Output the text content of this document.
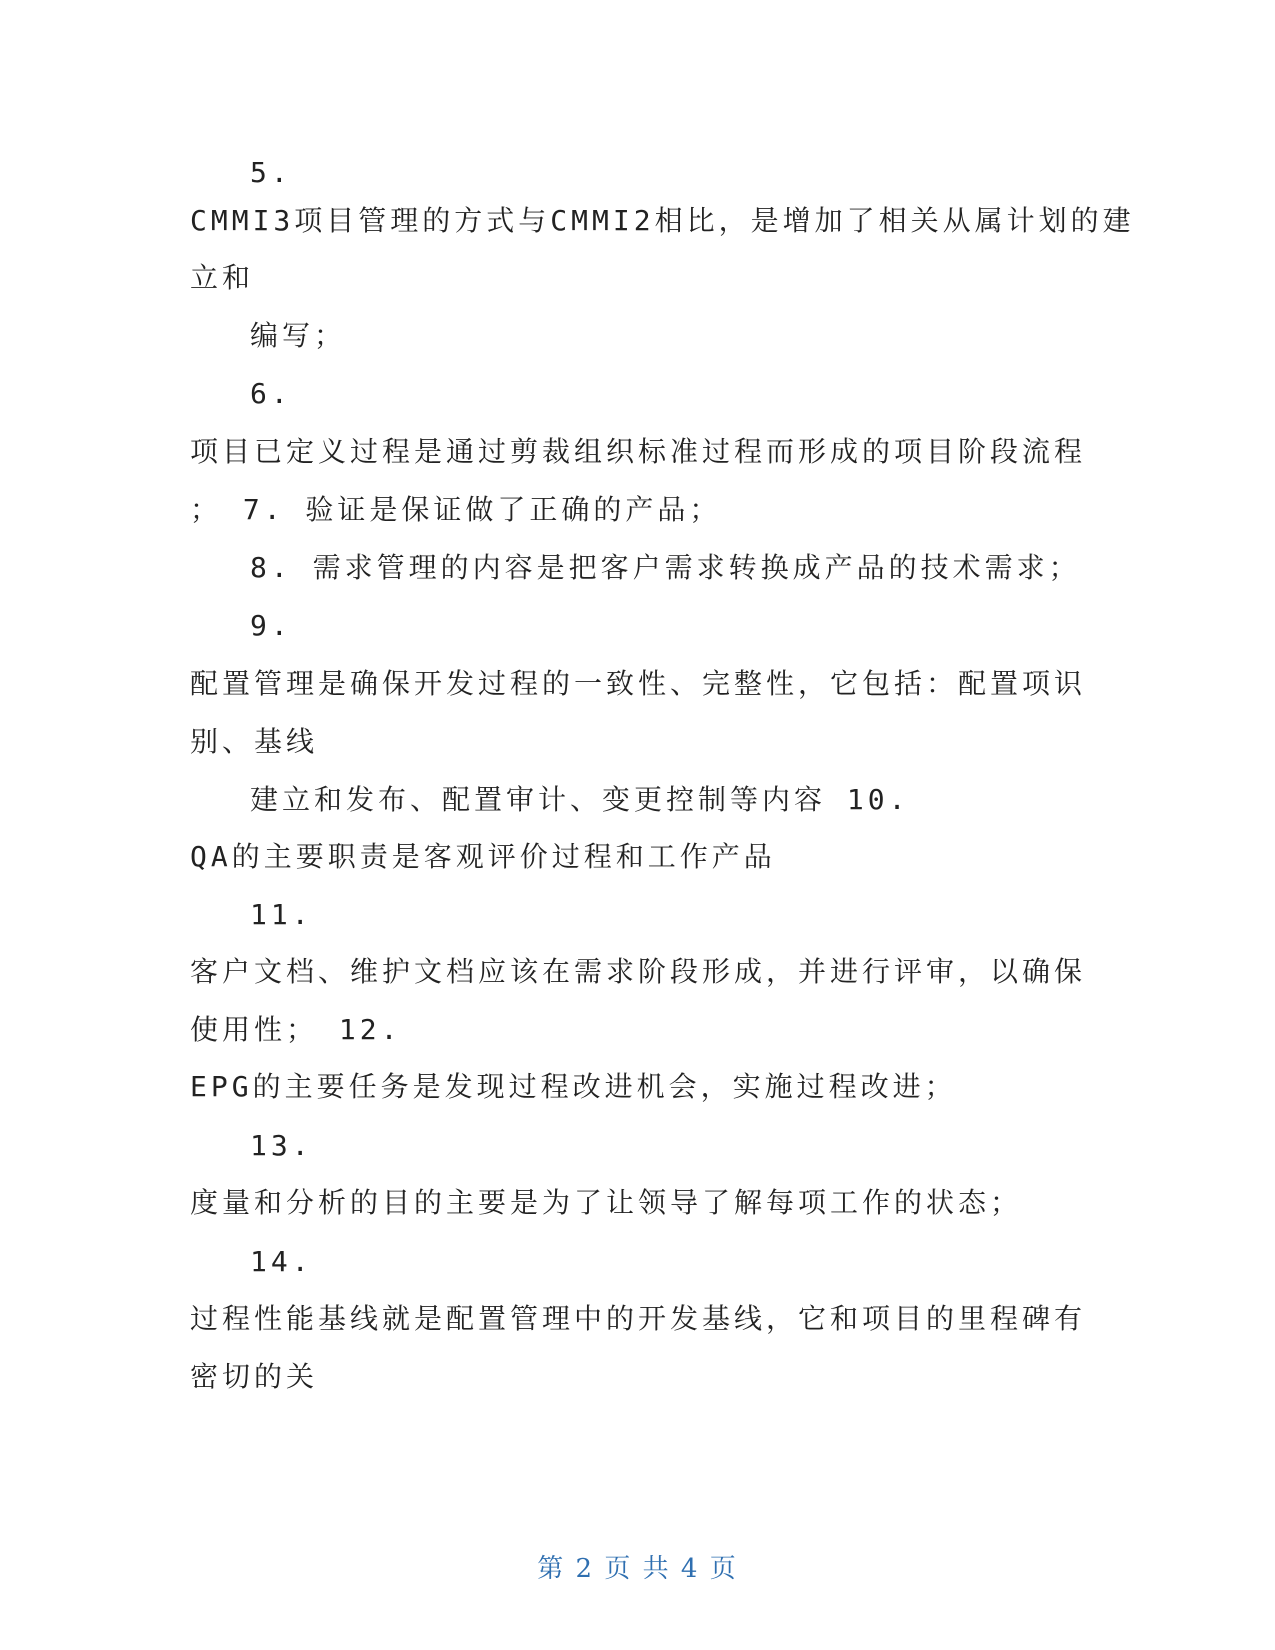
5.
CMMI3项目管理的方式与CMMI2相比，是增加了相关从属计划的建
立和
编写；
6.
项目已定义过程是通过剪裁组织标准过程而形成的项目阶段流程
； 7. 验证是保证做了正确的产品；
8. 需求管理的内容是把客户需求转换成产品的技术需求；
9.
配置管理是确保开发过程的一致性、完整性，它包括：配置项识
别、基线
建立和发布、配置审计、变更控制等内容 10.
QA的主要职责是客观评价过程和工作产品
11.
客户文档、维护文档应该在需求阶段形成，并进行评审，以确保
使用性； 12.
EPG的主要任务是发现过程改进机会，实施过程改进；
13.
度量和分析的目的主要是为了让领导了解每项工作的状态；
14.
过程性能基线就是配置管理中的开发基线，它和项目的里程碑有
密切的关
第 2 页 共 4 页
